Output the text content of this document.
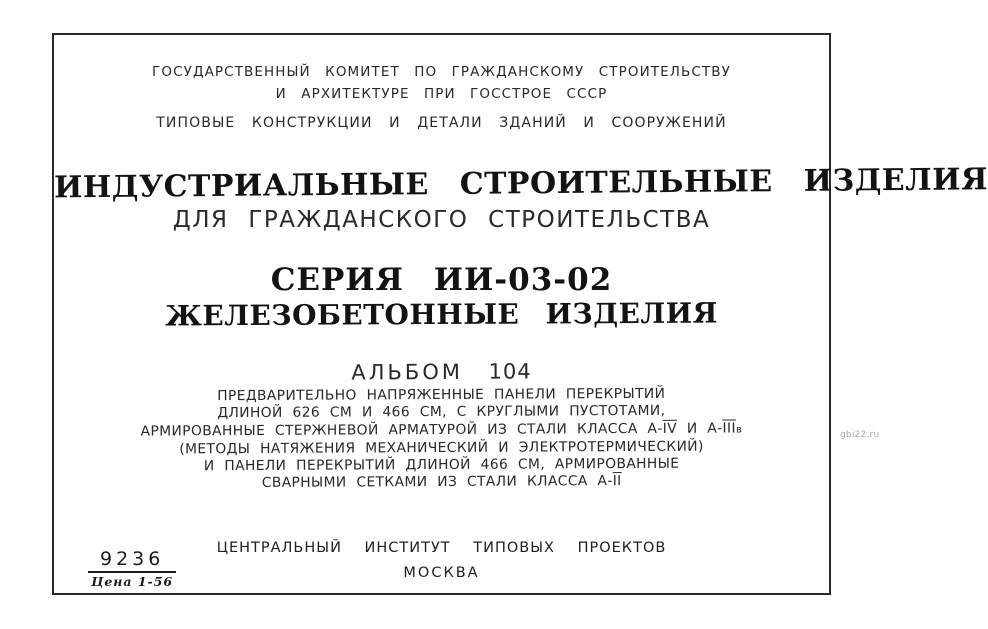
ГОСУДАРСТВЕННЫЙ КОМИТЕТ ПО ГРАЖДАНСКОМУ СТРОИТЕЛЬСТВУ
И АРХИТЕКТУРЕ ПРИ ГОССТРОЕ СССР
ТИПОВЫЕ КОНСТРУКЦИИ И ДЕТАЛИ ЗДАНИЙ И СООРУЖЕНИЙ
ИНДУСТРИАЛЬНЫЕ СТРОИТЕЛЬНЫЕ ИЗДЕЛИЯ
ДЛЯ ГРАЖДАНСКОГО СТРОИТЕЛЬСТВА
СЕРИЯ ИИ-03-02
ЖЕЛЕЗОБЕТОННЫЕ ИЗДЕЛИЯ
АЛЬБОМ 104
ПРЕДВАРИТЕЛЬНО НАПРЯЖЕННЫЕ ПАНЕЛИ ПЕРЕКРЫТИЙ
ДЛИНОЙ 626 СМ И 466 СМ, С КРУГЛЫМИ ПУСТОТАМИ,
АРМИРОВАННЫЕ СТЕРЖНЕВОЙ АРМАТУРОЙ ИЗ СТАЛИ КЛАССА $А-\overline{IV}$ И $А-\overline{III}в$
(МЕТОДЫ НАТЯЖЕНИЯ МЕХАНИЧЕСКИЙ И ЭЛЕКТРОТЕРМИЧЕСКИЙ)
И ПАНЕЛИ ПЕРЕКРЫТИЙ ДЛИНОЙ 466 СМ, АРМИРОВАННЫЕ
СВАРНЫМИ СЕТКАМИ ИЗ СТАЛИ КЛАССА $А-\overline{II}$
ЦЕНТРАЛЬНЫЙ ИНСТИТУТ ТИПОВЫХ ПРОЕКТОВ
МОСКВА
9236
Цена 1-56
gbi22.ru
